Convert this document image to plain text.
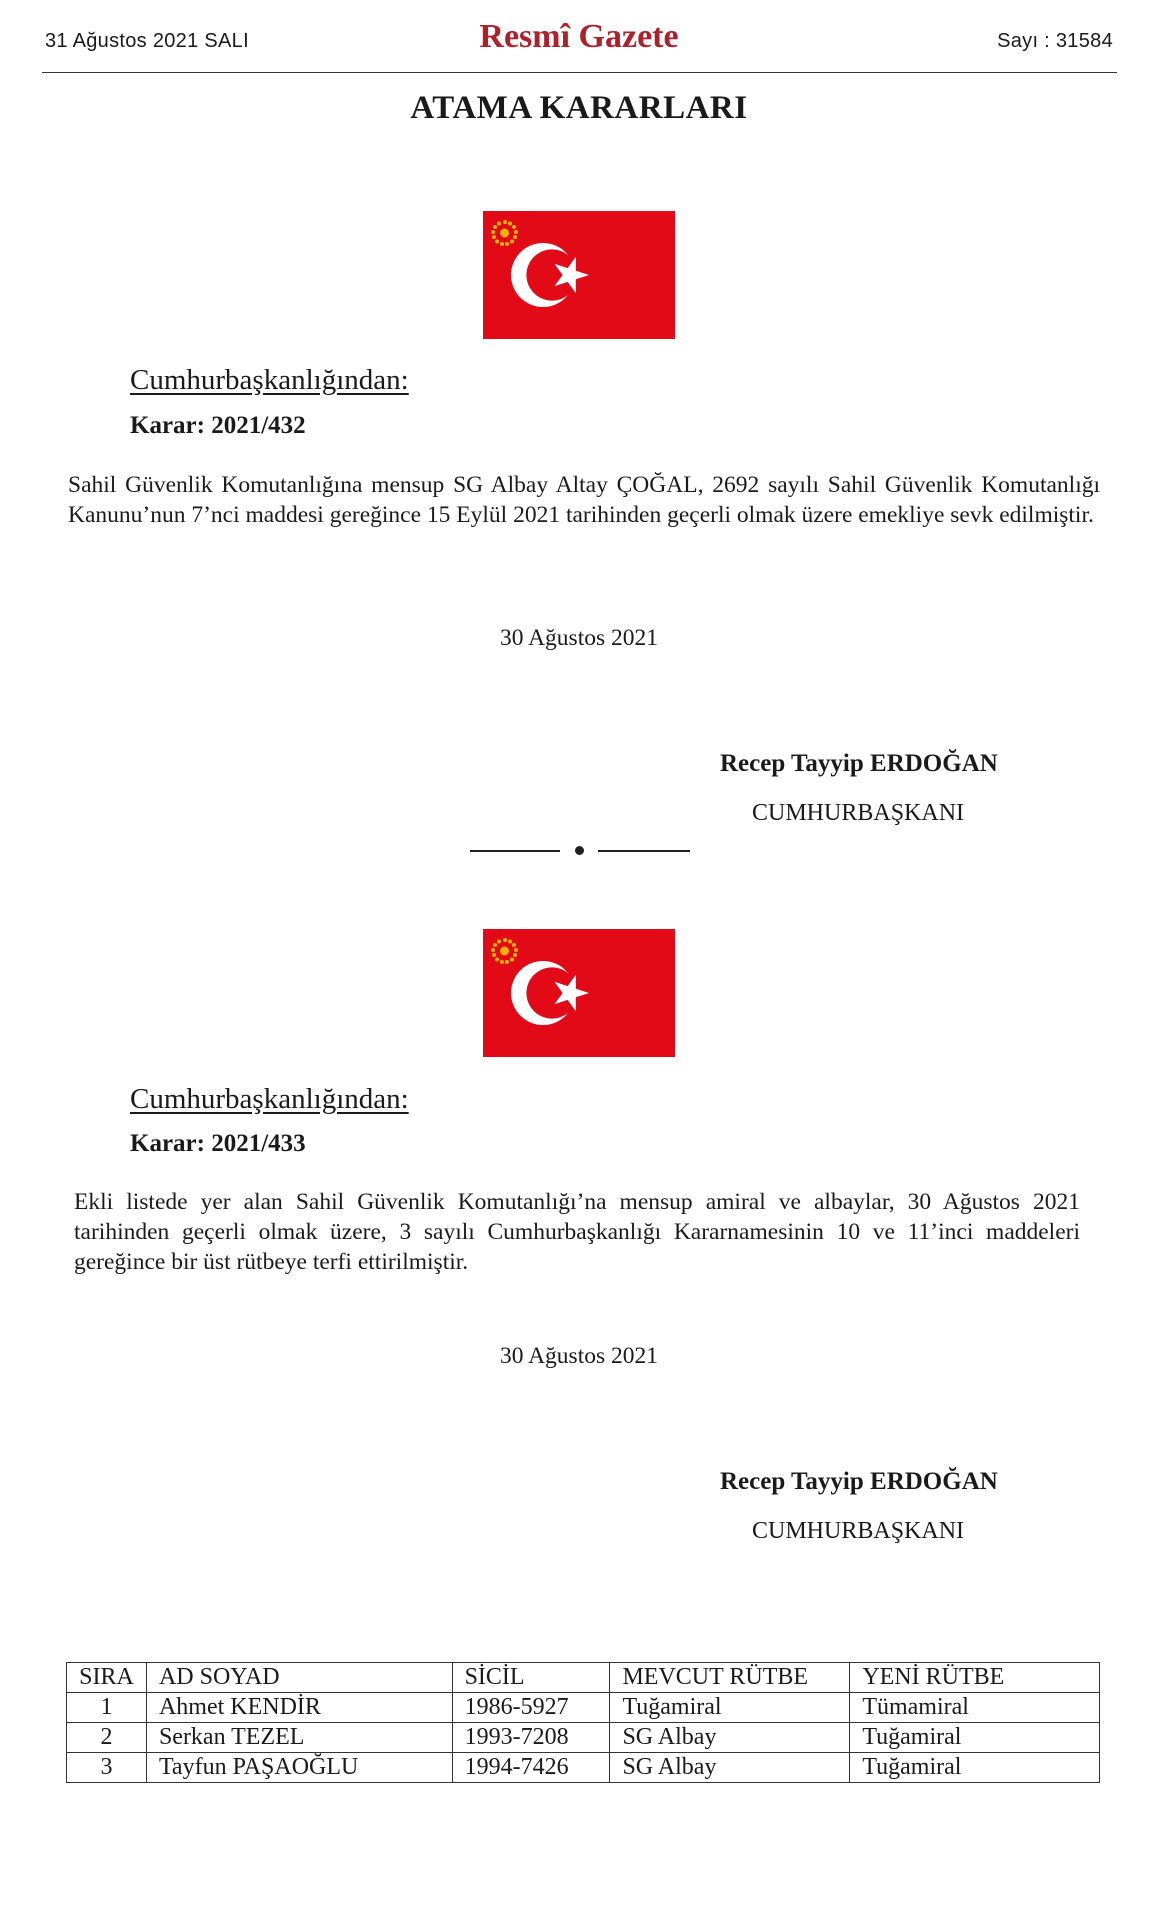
31 Ağustos 2021 SALI	Resmî Gazete	Sayı : 31584
ATAMA KARARLARI
Cumhurbaşkanlığından:
Karar: 2021/432
Sahil Güvenlik Komutanlığına mensup SG Albay Altay ÇOĞAL, 2692 sayılı Sahil Güvenlik Komutanlığı Kanunu’nun 7’nci maddesi gereğince 15 Eylül 2021 tarihinden geçerli olmak üzere emekliye sevk edilmiştir.
30 Ağustos 2021
Recep Tayyip ERDOĞAN
CUMHURBAŞKANI
Cumhurbaşkanlığından:
Karar: 2021/433
Ekli listede yer alan Sahil Güvenlik Komutanlığı’na mensup amiral ve albaylar, 30 Ağustos 2021 tarihinden geçerli olmak üzere, 3 sayılı Cumhurbaşkanlığı Kararnamesinin 10 ve 11’inci maddeleri gereğince bir üst rütbeye terfi ettirilmiştir.
30 Ağustos 2021
Recep Tayyip ERDOĞAN
CUMHURBAŞKANI
SIRA	AD SOYAD	SİCİL	MEVCUT RÜTBE	YENİ RÜTBE
1	Ahmet KENDİR	1986-5927	Tuğamiral	Tümamiral
2	Serkan TEZEL	1993-7208	SG Albay	Tuğamiral
3	Tayfun PAŞAOĞLU	1994-7426	SG Albay	Tuğamiral
